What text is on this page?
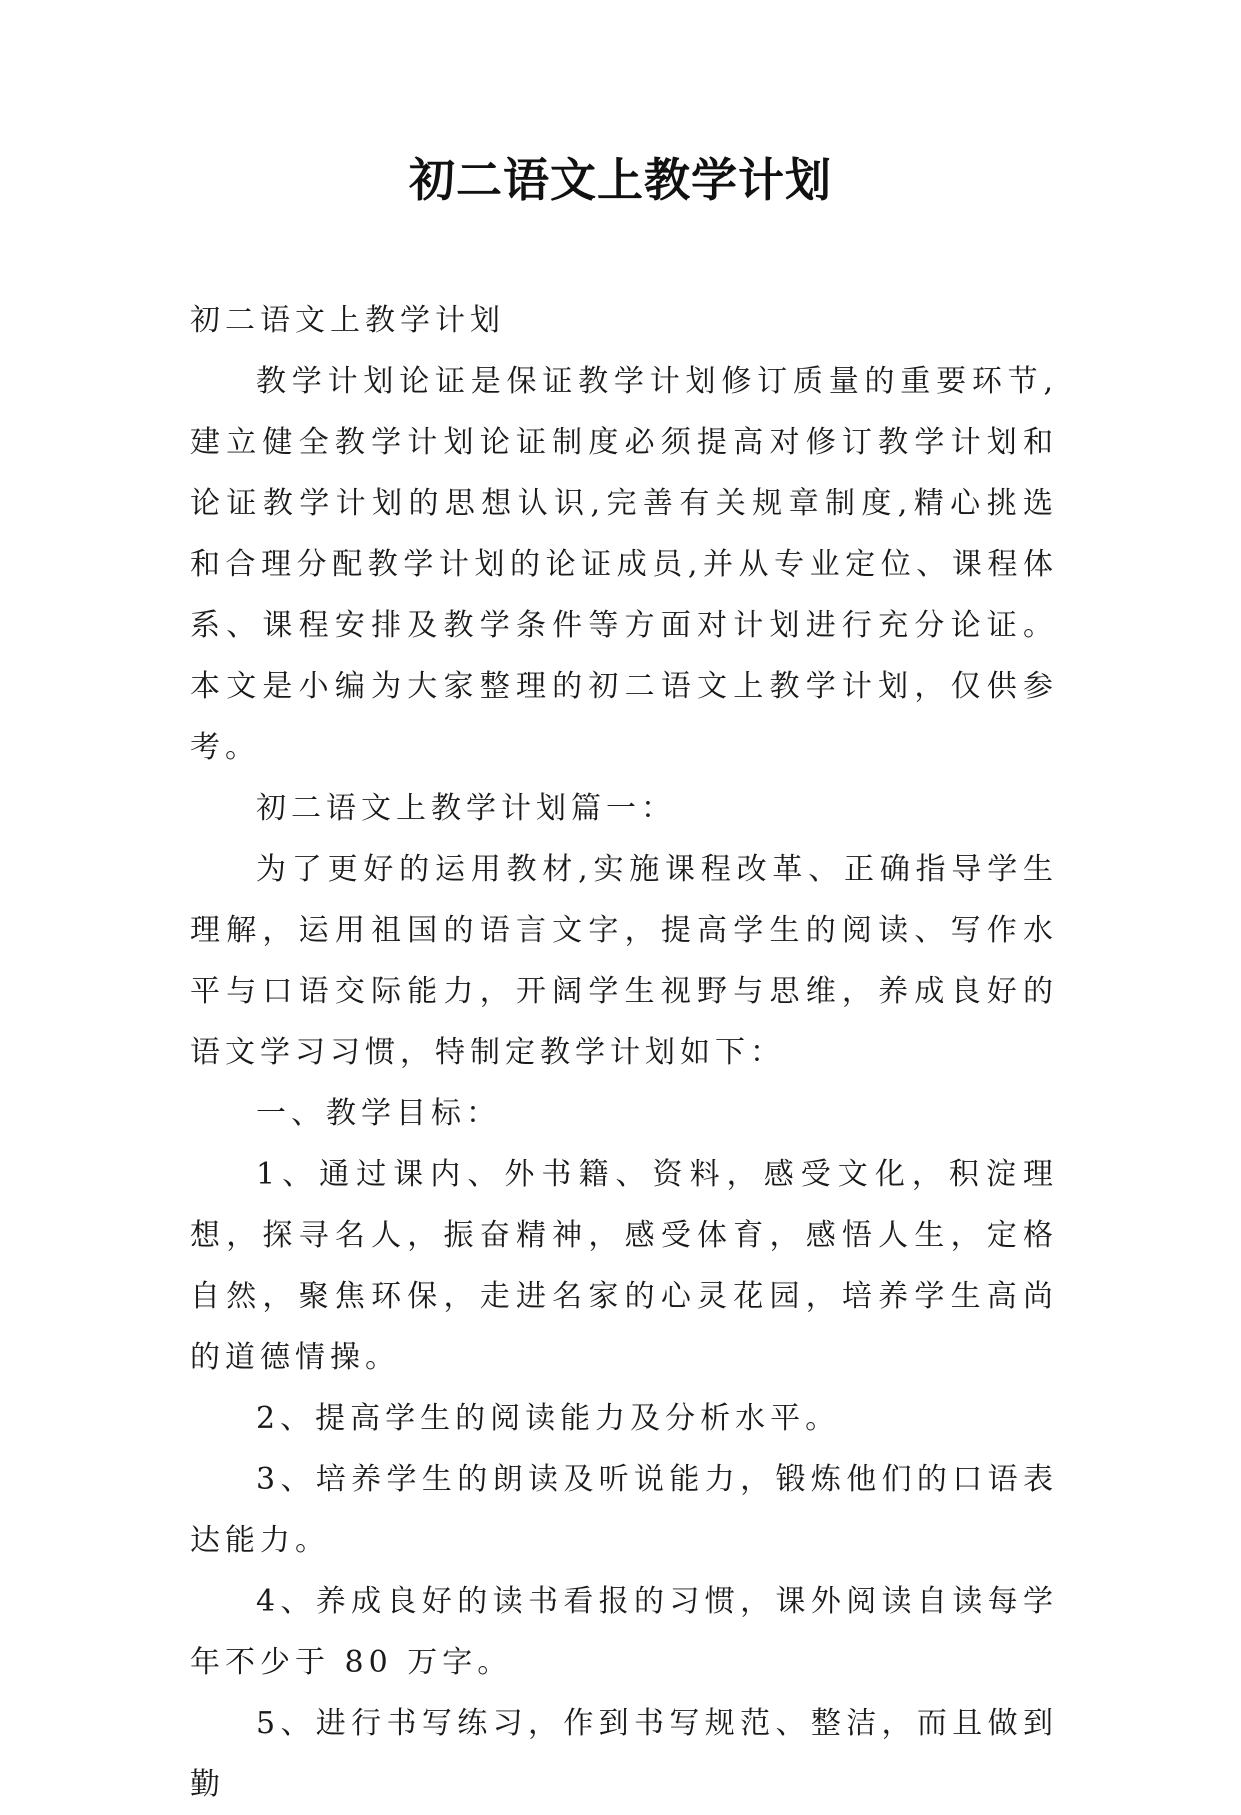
初二语文上教学计划

初二语文上教学计划

教学计划论证是保证教学计划修订质量的重要环节,建立健全教学计划论证制度必须提高对修订教学计划和论证教学计划的思想认识,完善有关规章制度,精心挑选和合理分配教学计划的论证成员,并从专业定位、课程体系、课程安排及教学条件等方面对计划进行充分论证。本文是小编为大家整理的初二语文上教学计划，仅供参考。

初二语文上教学计划篇一：

为了更好的运用教材,实施课程改革、正确指导学生理解，运用祖国的语言文字，提高学生的阅读、写作水平与口语交际能力，开阔学生视野与思维，养成良好的语文学习习惯，特制定教学计划如下：

一、教学目标：

1、通过课内、外书籍、资料，感受文化，积淀理想，探寻名人，振奋精神，感受体育，感悟人生，定格自然，聚焦环保，走进名家的心灵花园，培养学生高尚的道德情操。

2、提高学生的阅读能力及分析水平。

3、培养学生的朗读及听说能力，锻炼他们的口语表达能力。

4、养成良好的读书看报的习惯，课外阅读自读每学年不少于 80 万字。

5、进行书写练习，作到书写规范、整洁，而且做到勤
